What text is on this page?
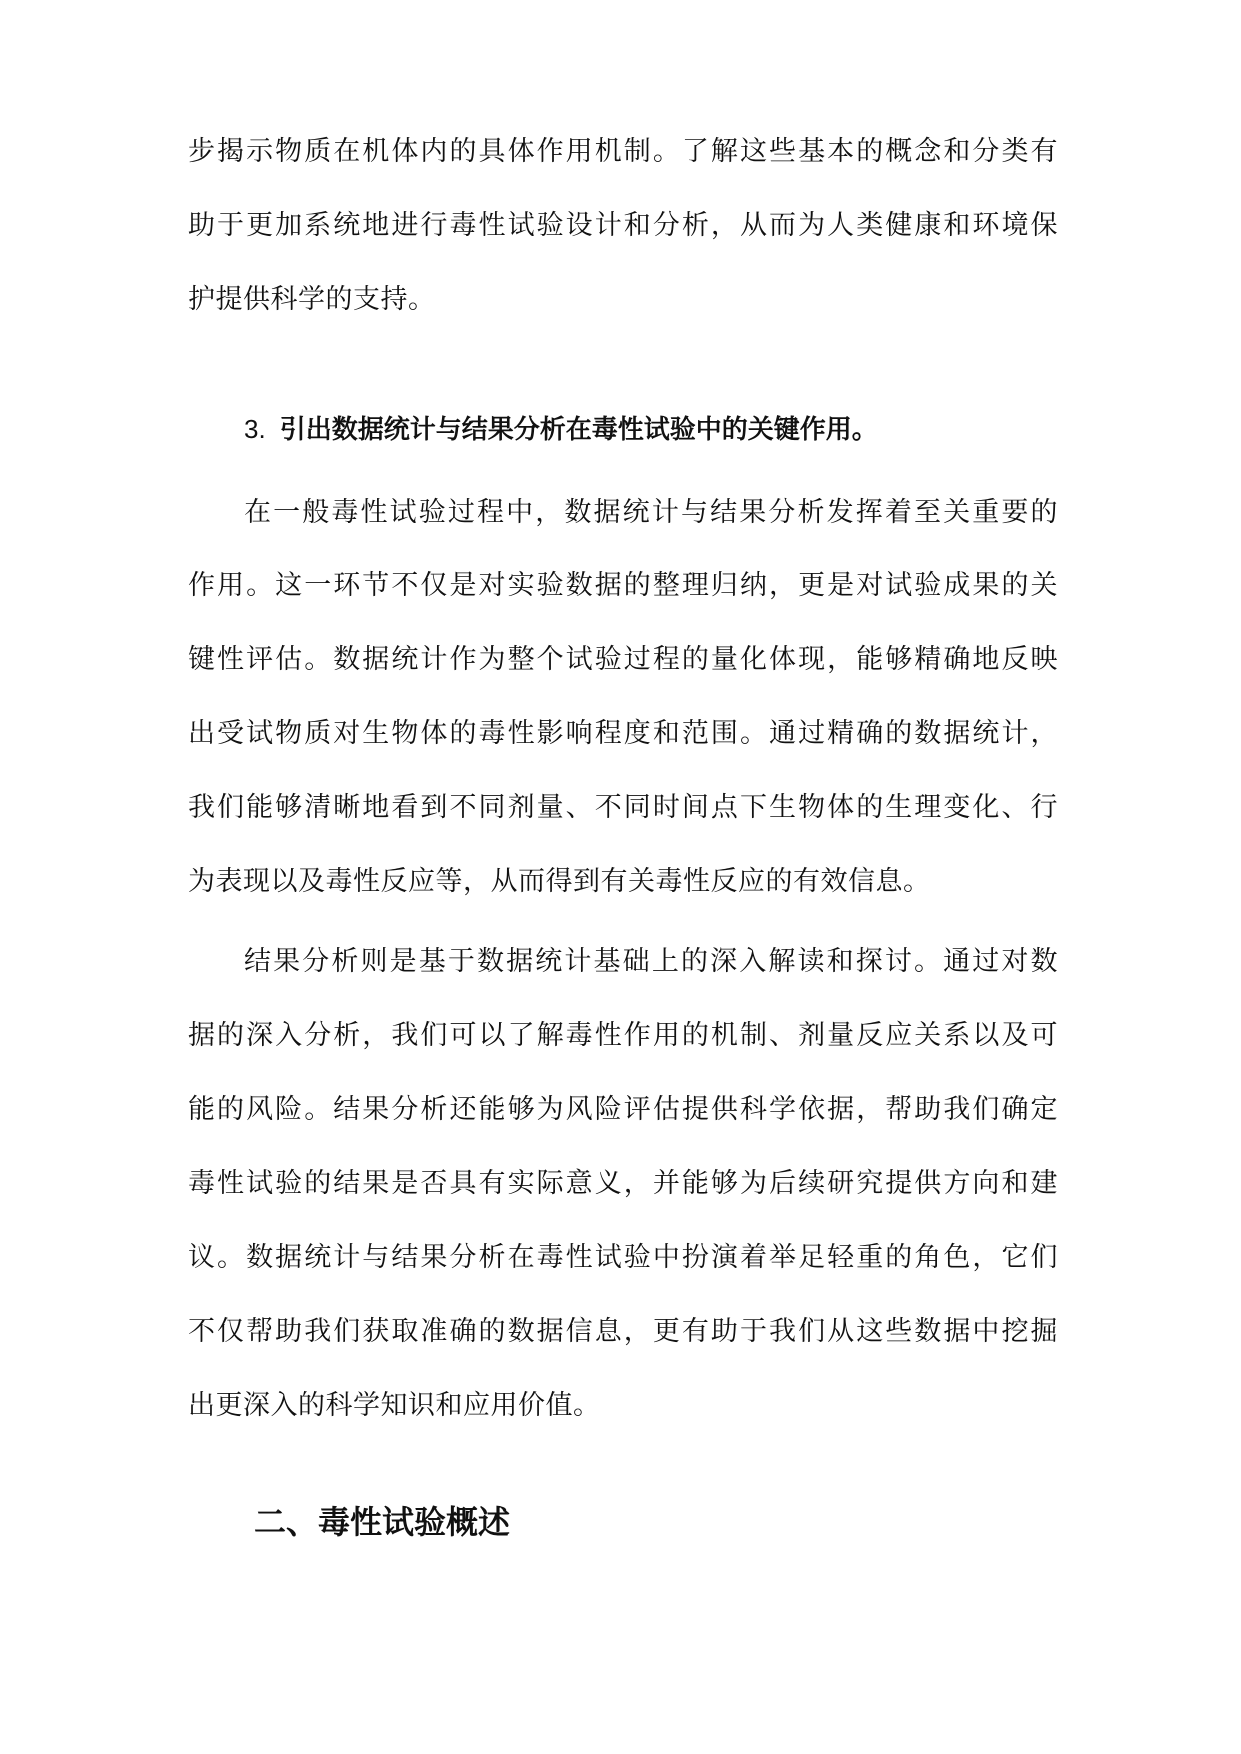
步揭示物质在机体内的具体作用机制。了解这些基本的概念和分类有
助于更加系统地进行毒性试验设计和分析，从而为人类健康和环境保
护提供科学的支持。
3. 引出数据统计与结果分析在毒性试验中的关键作用。
在一般毒性试验过程中，数据统计与结果分析发挥着至关重要的
作用。这一环节不仅是对实验数据的整理归纳，更是对试验成果的关
键性评估。数据统计作为整个试验过程的量化体现，能够精确地反映
出受试物质对生物体的毒性影响程度和范围。通过精确的数据统计，
我们能够清晰地看到不同剂量、不同时间点下生物体的生理变化、行
为表现以及毒性反应等，从而得到有关毒性反应的有效信息。
结果分析则是基于数据统计基础上的深入解读和探讨。通过对数
据的深入分析，我们可以了解毒性作用的机制、剂量反应关系以及可
能的风险。结果分析还能够为风险评估提供科学依据，帮助我们确定
毒性试验的结果是否具有实际意义，并能够为后续研究提供方向和建
议。数据统计与结果分析在毒性试验中扮演着举足轻重的角色，它们
不仅帮助我们获取准确的数据信息，更有助于我们从这些数据中挖掘
出更深入的科学知识和应用价值。
二、毒性试验概述
